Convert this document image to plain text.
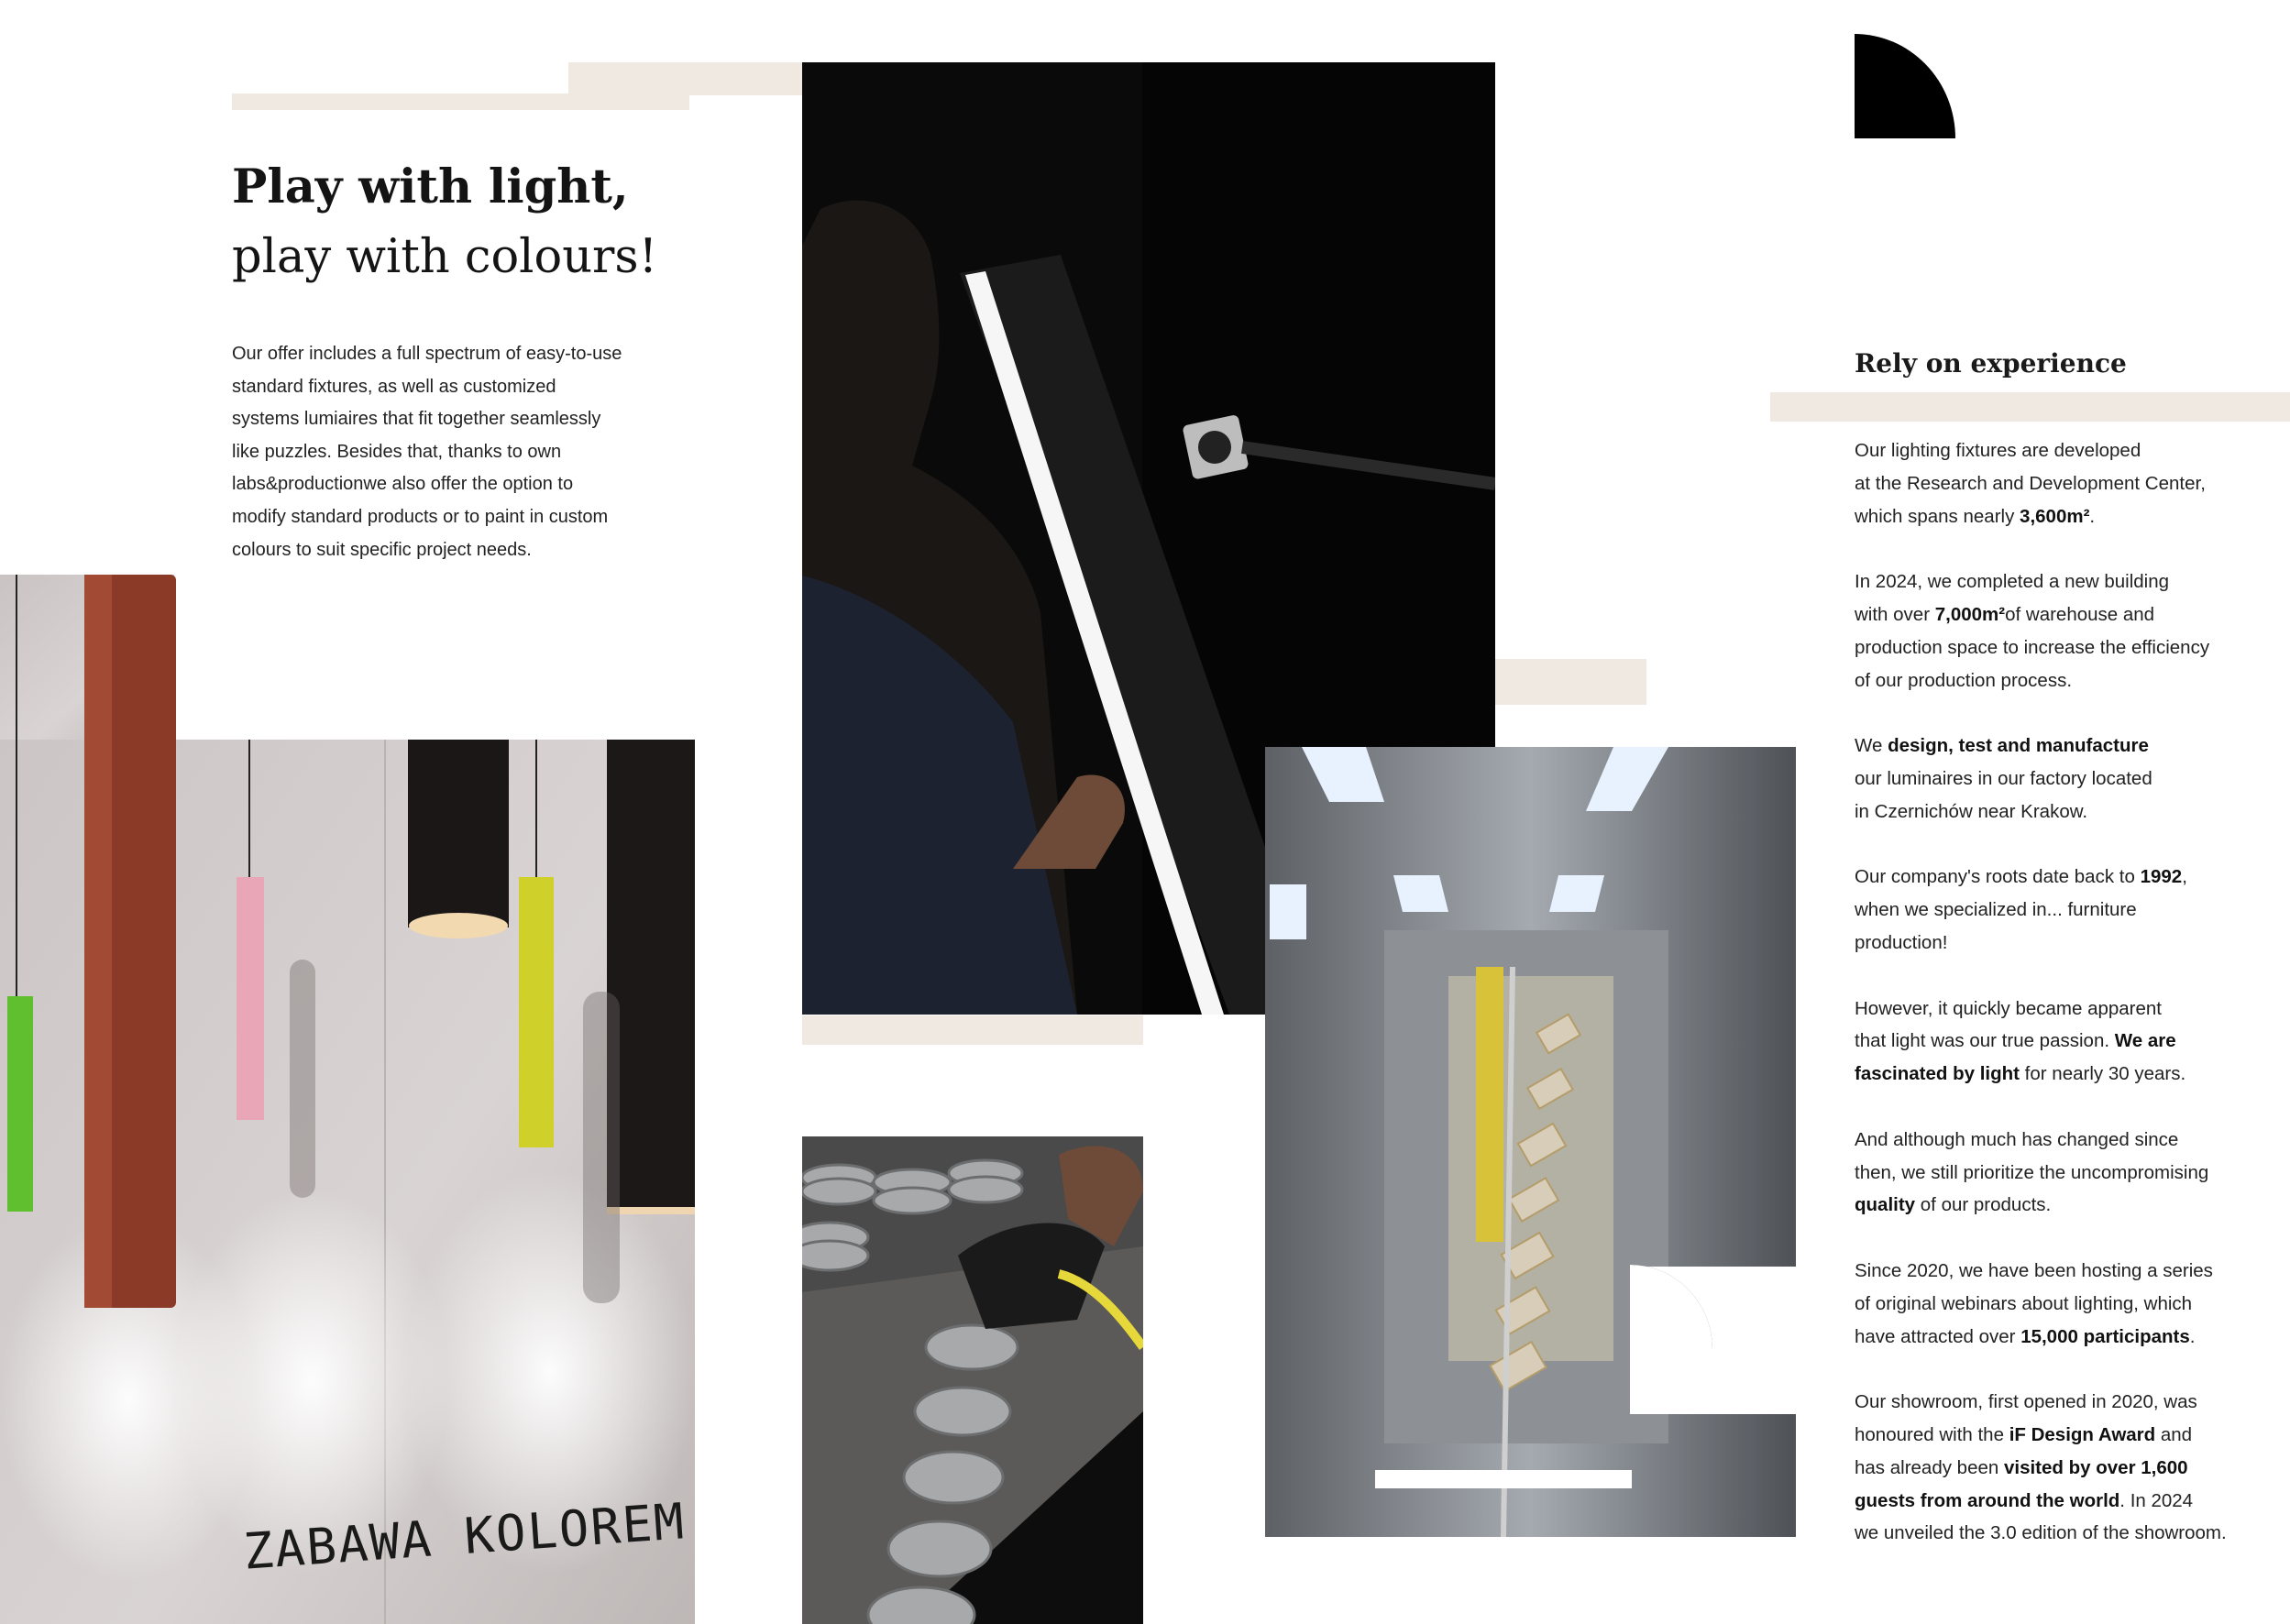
Play with light,
play with colours!
Our offer includes a full spectrum of easy-to-use
standard fixtures, as well as customized
systems lumiaires that fit together seamlessly
like puzzles. Besides that, thanks to own
labs&productionwe also offer the option to
modify standard products or to paint in custom
colours to suit specific project needs.
ZABAWA KOLOREM
Rely on experience
Our lighting fixtures are developed
at the Research and Development Center,
which spans nearly 3,600m².
In 2024, we completed a new building
with over 7,000m²of warehouse and
production space to increase the efficiency
of our production process.
We design, test and manufacture
our luminaires in our factory located
in Czernichów near Krakow.
Our company's roots date back to 1992,
when we specialized in... furniture
production!
However, it quickly became apparent
that light was our true passion. We are
fascinated by light for nearly 30 years.
And although much has changed since
then, we still prioritize the uncompromising
quality of our products.
Since 2020, we have been hosting a series
of original webinars about lighting, which
have attracted over 15,000 participants.
Our showroom, first opened in 2020, was
honoured with the iF Design Award and
has already been visited by over 1,600
guests from around the world. In 2024
we unveiled the 3.0 edition of the showroom.
